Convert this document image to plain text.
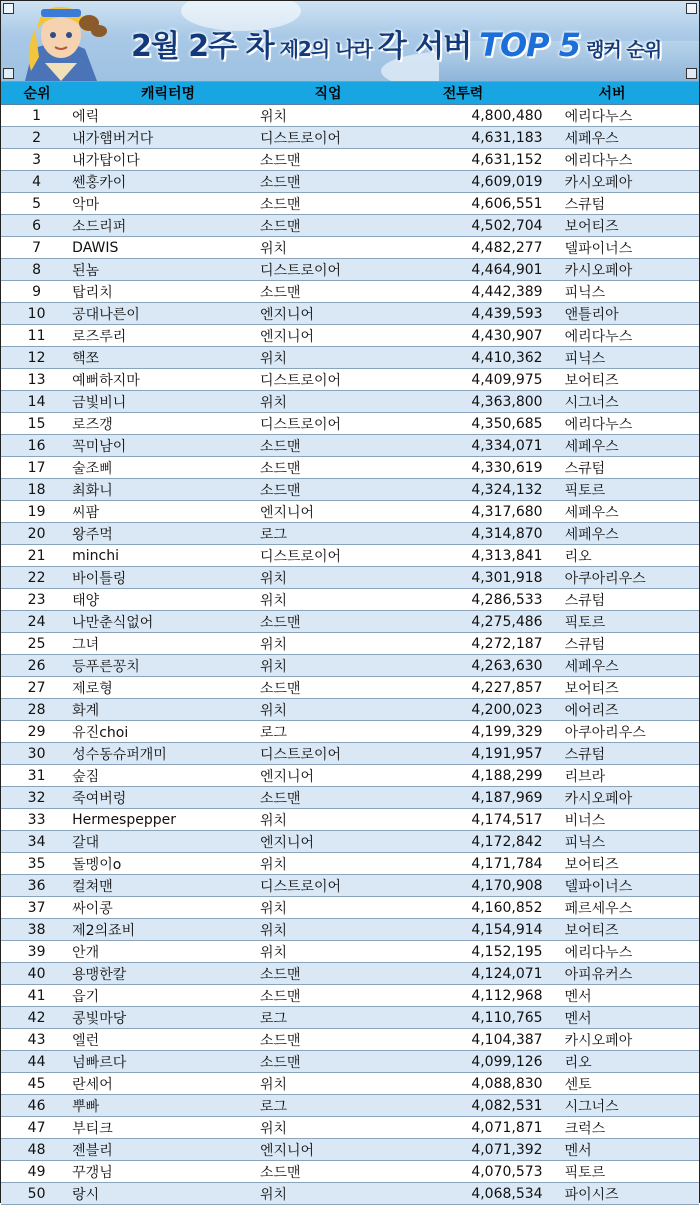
2월 2주 차 제2의 나라 각 서버 TOP 5 랭커 순위
순위	캐릭터명	직업	전투력	서버
1	에릭	위치	4,800,480	에리다누스
2	내가햄버거다	디스트로이어	4,631,183	세페우스
3	내가탑이다	소드맨	4,631,152	에리다누스
4	쎈홍카이	소드맨	4,609,019	카시오페아
5	악마	소드맨	4,606,551	스큐텀
6	소드리퍼	소드맨	4,502,704	보어티즈
7	DAWIS	위치	4,482,277	델파이너스
8	된놈	디스트로이어	4,464,901	카시오페아
9	탑리치	소드맨	4,442,389	피닉스
10	공대나른이	엔지니어	4,439,593	앤틀리아
11	로즈루리	엔지니어	4,430,907	에리다누스
12	핵쪼	위치	4,410,362	피닉스
13	예뻐하지마	디스트로이어	4,409,975	보어티즈
14	금빛비니	위치	4,363,800	시그너스
15	로즈갱	디스트로이어	4,350,685	에리다누스
16	꼭미남이	소드맨	4,334,071	세페우스
17	술조삐	소드맨	4,330,619	스큐텀
18	최화니	소드맨	4,324,132	픽토르
19	씨팜	엔지니어	4,317,680	세페우스
20	왕주먹	로그	4,314,870	세페우스
21	minchi	디스트로이어	4,313,841	리오
22	바이틀링	위치	4,301,918	아쿠아리우스
23	태양	위치	4,286,533	스큐텀
24	나만춘식없어	소드맨	4,275,486	픽토르
25	그녀	위치	4,272,187	스큐텀
26	등푸른꽁치	위치	4,263,630	세페우스
27	제로형	소드맨	4,227,857	보어티즈
28	화계	위치	4,200,023	에어리즈
29	유진choi	로그	4,199,329	아쿠아리우스
30	성수동슈퍼개미	디스트로이어	4,191,957	스큐텀
31	숲짐	엔지니어	4,188,299	리브라
32	죽여버렁	소드맨	4,187,969	카시오페아
33	Hermespepper	위치	4,174,517	비너스
34	갈대	엔지니어	4,172,842	피닉스
35	돌멩이o	위치	4,171,784	보어티즈
36	컬쳐맨	디스트로이어	4,170,908	델파이너스
37	싸이콩	위치	4,160,852	페르세우스
38	제2의죠비	위치	4,154,914	보어티즈
39	안개	위치	4,152,195	에리다누스
40	용맹한칼	소드맨	4,124,071	아피유커스
41	읍기	소드맨	4,112,968	멘서
42	콩빛마당	로그	4,110,765	멘서
43	엘런	소드맨	4,104,387	카시오페아
44	넘빠르다	소드맨	4,099,126	리오
45	란세어	위치	4,088,830	센토
46	뿌빠	로그	4,082,531	시그너스
47	부티크	위치	4,071,871	크럭스
48	젠블리	엔지니어	4,071,392	멘서
49	꾸갱님	소드맨	4,070,573	픽토르
50	랑시	위치	4,068,534	파이시즈
